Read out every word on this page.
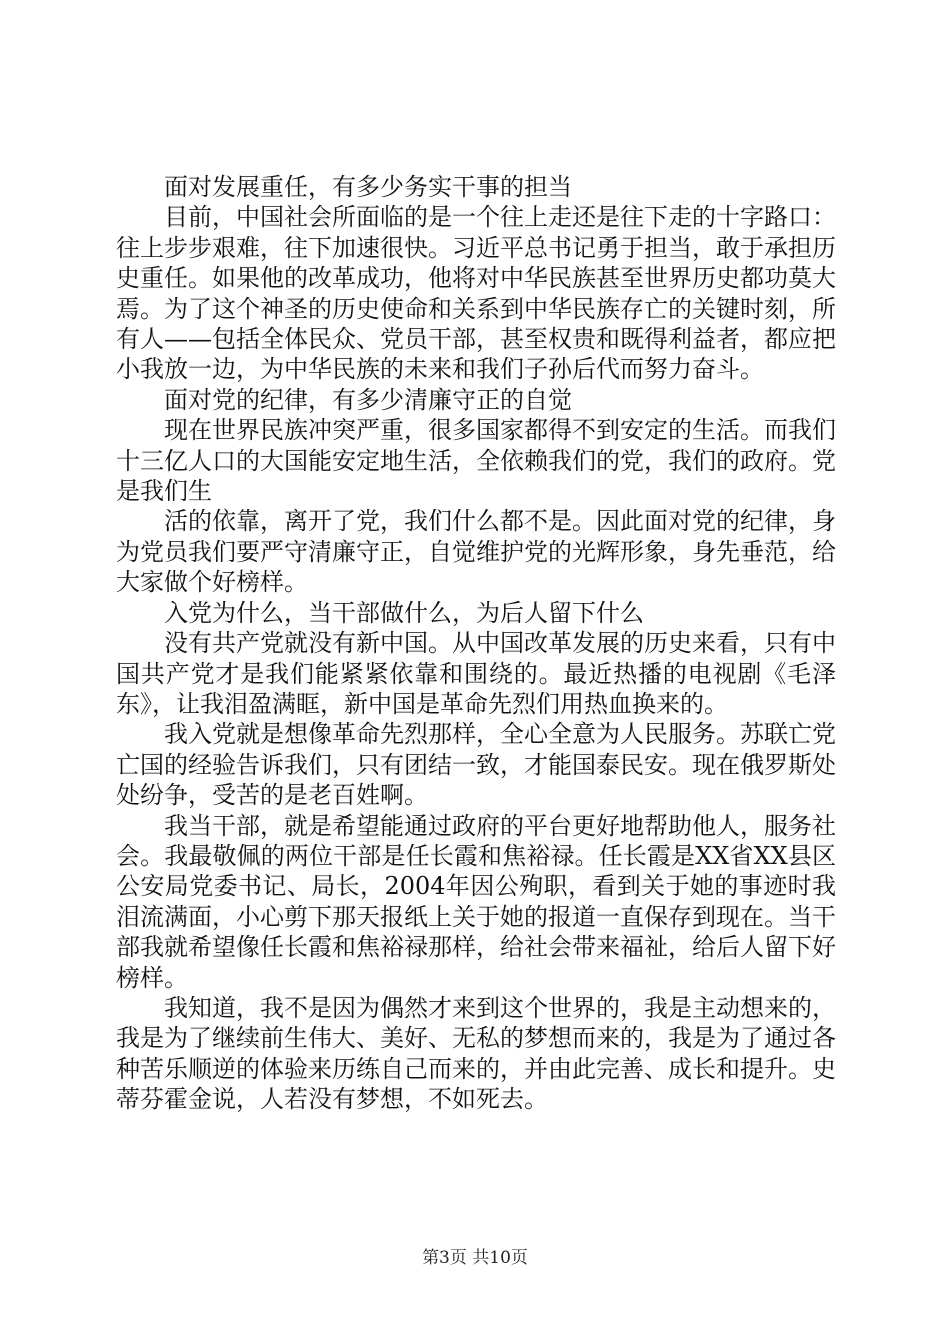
面对发展重任，有多少务实干事的担当

目前，中国社会所面临的是一个往上走还是往下走的十字路口：往上步步艰难，往下加速很快。习近平总书记勇于担当，敢于承担历史重任。如果他的改革成功，他将对中华民族甚至世界历史都功莫大焉。为了这个神圣的历史使命和关系到中华民族存亡的关键时刻，所有人——包括全体民众、党员干部，甚至权贵和既得利益者，都应把小我放一边，为中华民族的未来和我们子孙后代而努力奋斗。

面对党的纪律，有多少清廉守正的自觉

现在世界民族冲突严重，很多国家都得不到安定的生活。而我们十三亿人口的大国能安定地生活，全依赖我们的党，我们的政府。党是我们生

活的依靠，离开了党，我们什么都不是。因此面对党的纪律，身为党员我们要严守清廉守正，自觉维护党的光辉形象，身先垂范，给大家做个好榜样。

入党为什么，当干部做什么，为后人留下什么

没有共产党就没有新中国。从中国改革发展的历史来看，只有中国共产党才是我们能紧紧依靠和围绕的。最近热播的电视剧《毛泽东》，让我泪盈满眶，新中国是革命先烈们用热血换来的。

我入党就是想像革命先烈那样，全心全意为人民服务。苏联亡党亡国的经验告诉我们，只有团结一致，才能国泰民安。现在俄罗斯处处纷争，受苦的是老百姓啊。

我当干部，就是希望能通过政府的平台更好地帮助他人，服务社会。我最敬佩的两位干部是任长霞和焦裕禄。任长霞是XX省XX县区公安局党委书记、局长，2004年因公殉职，看到关于她的事迹时我泪流满面，小心剪下那天报纸上关于她的报道一直保存到现在。当干部我就希望像任长霞和焦裕禄那样，给社会带来福祉，给后人留下好榜样。

我知道，我不是因为偶然才来到这个世界的，我是主动想来的，我是为了继续前生伟大、美好、无私的梦想而来的，我是为了通过各种苦乐顺逆的体验来历练自己而来的，并由此完善、成长和提升。史蒂芬霍金说，人若没有梦想，不如死去。

第3页 共10页
